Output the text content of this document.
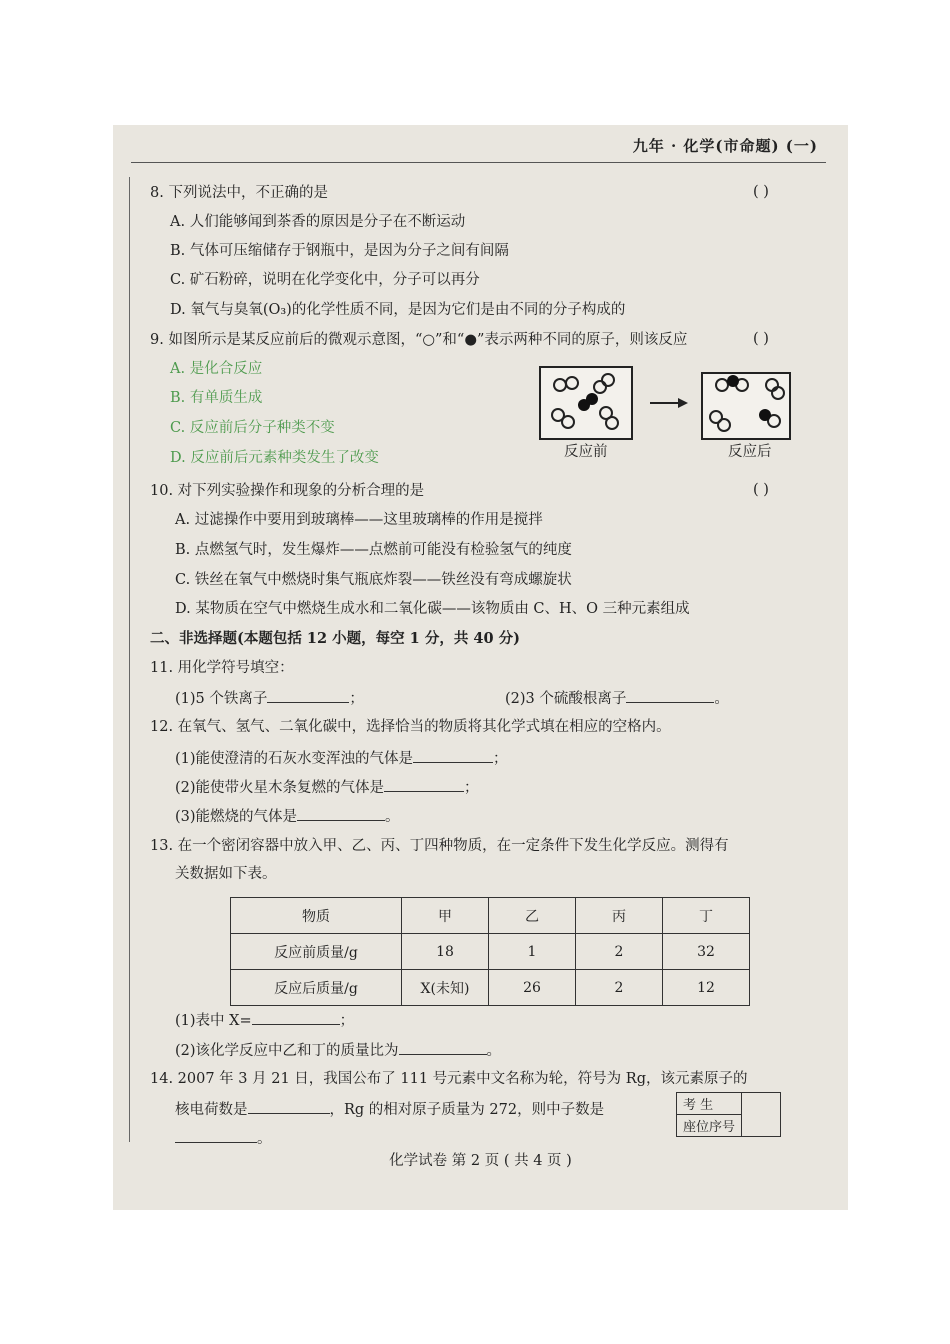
九年 · 化学(市命题) (一)
8. 下列说法中，不正确的是	( )
A. 人们能够闻到茶香的原因是分子在不断运动
B. 气体可压缩储存于钢瓶中，是因为分子之间有间隔
C. 矿石粉碎，说明在化学变化中，分子可以再分
D. 氧气与臭氧(O₃)的化学性质不同，是因为它们是由不同的分子构成的
9. 如图所示是某反应前后的微观示意图，“○”和“●”表示两种不同的原子，则该反应	( )
A. 是化合反应
B. 有单质生成
C. 反应前后分子种类不变
D. 反应前后元素种类发生了改变	反应前	反应后
10. 对下列实验操作和现象的分析合理的是	( )
A. 过滤操作中要用到玻璃棒——这里玻璃棒的作用是搅拌
B. 点燃氢气时，发生爆炸——点燃前可能没有检验氢气的纯度
C. 铁丝在氧气中燃烧时集气瓶底炸裂——铁丝没有弯成螺旋状
D. 某物质在空气中燃烧生成水和二氧化碳——该物质由 C、H、O 三种元素组成
二、非选择题(本题包括 12 小题，每空 1 分，共 40 分)
11. 用化学符号填空：
(1)5 个铁离子	；	(2)3 个硫酸根离子	。
12. 在氧气、氢气、二氧化碳中，选择恰当的物质将其化学式填在相应的空格内。
(1)能使澄清的石灰水变浑浊的气体是	；
(2)能使带火星木条复燃的气体是	；
(3)能燃烧的气体是	。
13. 在一个密闭容器中放入甲、乙、丙、丁四种物质，在一定条件下发生化学反应。测得有
关数据如下表。
物质	甲	乙	丙	丁
反应前质量/g	18	1	2	32
反应后质量/g	X(未知)	26	2	12
(1)表中 X=	；
(2)该化学反应中乙和丁的质量比为	。
14. 2007 年 3 月 21 日，我国公布了 111 号元素中文名称为轮，符号为 Rg，该元素原子的
核电荷数是	，Rg 的相对原子质量为 272，则中子数是
。
考 生	
座位序号
化学试卷 第 2 页 ( 共 4 页 )
